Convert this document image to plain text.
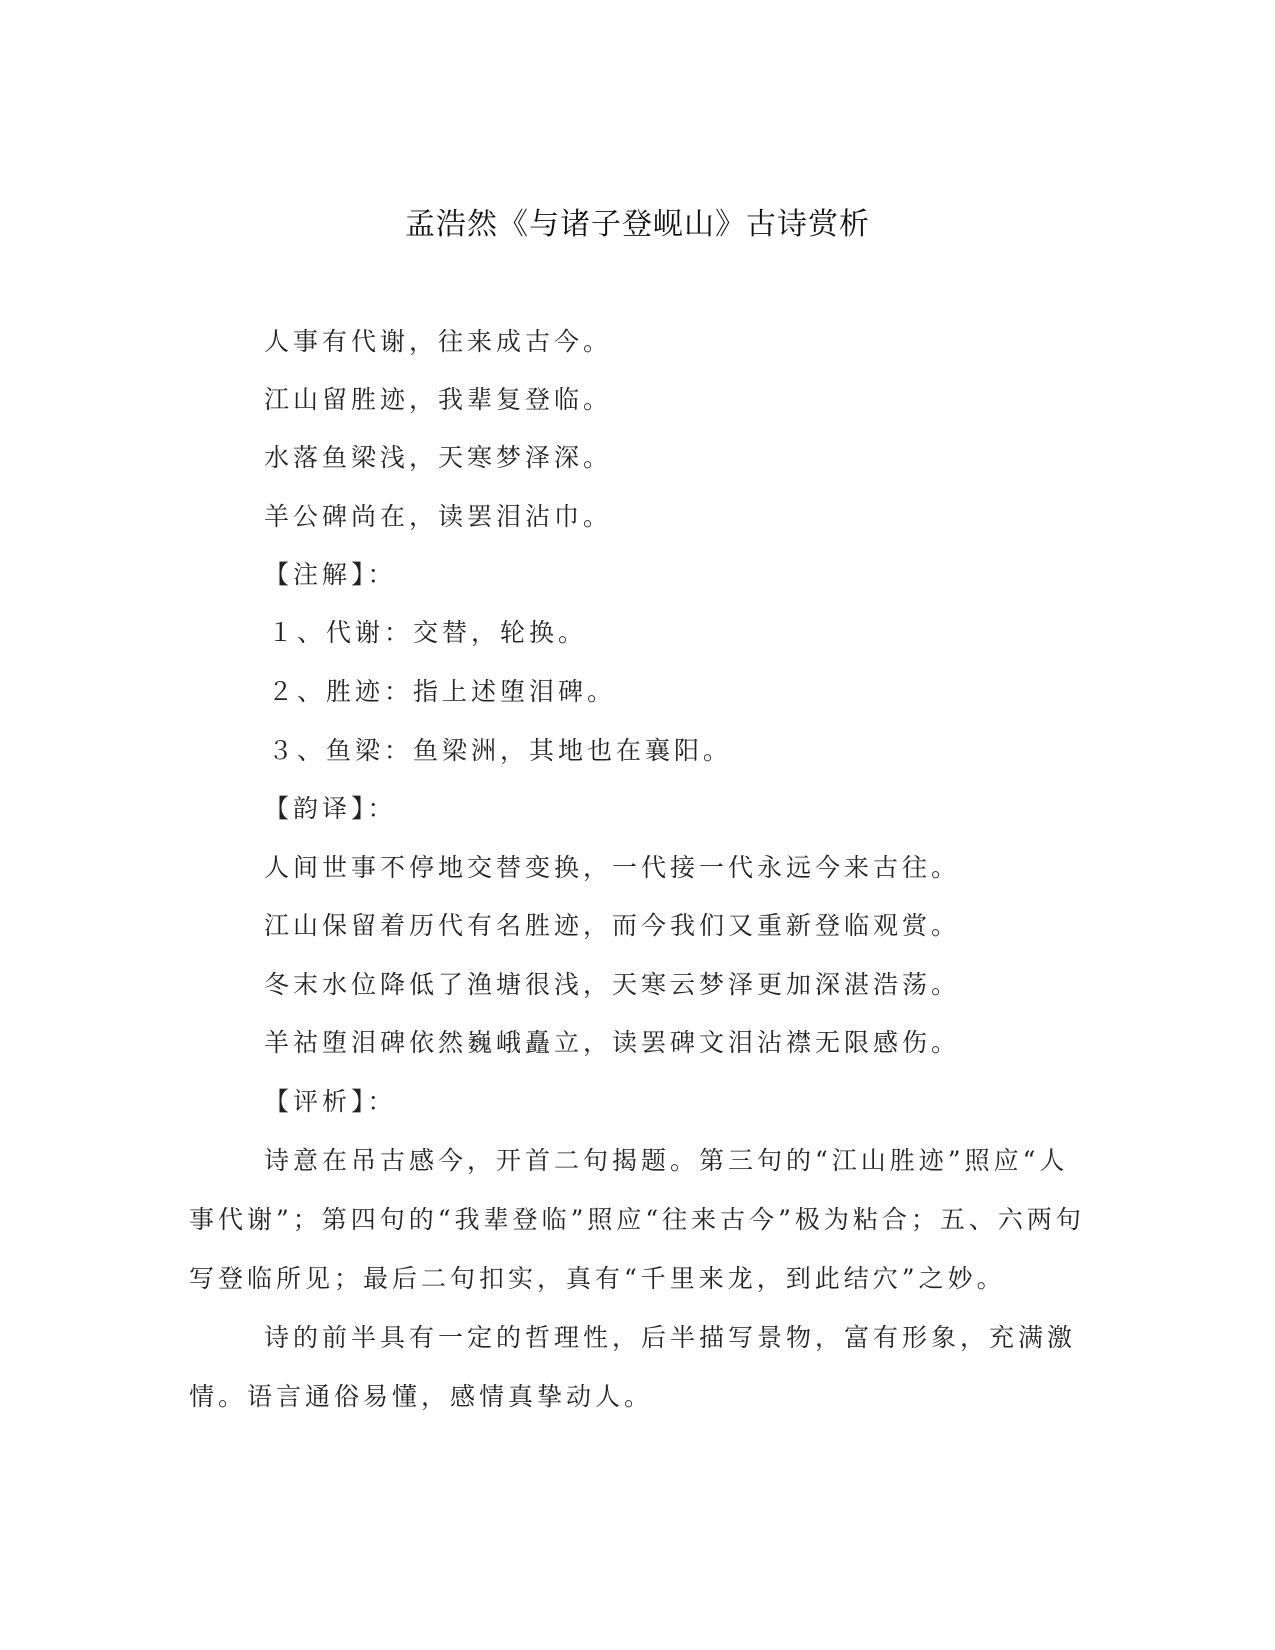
孟浩然《与诸子登岘山》古诗赏析
人事有代谢，往来成古今。
江山留胜迹，我辈复登临。
水落鱼梁浅，天寒梦泽深。
羊公碑尚在，读罢泪沾巾。
【注解】：
１、代谢：交替，轮换。
２、胜迹：指上述堕泪碑。
３、鱼梁：鱼梁洲，其地也在襄阳。
【韵译】：
人间世事不停地交替变换，一代接一代永远今来古往。
江山保留着历代有名胜迹，而今我们又重新登临观赏。
冬末水位降低了渔塘很浅，天寒云梦泽更加深湛浩荡。
羊祜堕泪碑依然巍峨矗立，读罢碑文泪沾襟无限感伤。
【评析】：
诗意在吊古感今，开首二句揭题。第三句的“江山胜迹”照应“人
事代谢”；第四句的“我辈登临”照应“往来古今”极为粘合；五、六两句
写登临所见；最后二句扣实，真有“千里来龙，到此结穴”之妙。
诗的前半具有一定的哲理性，后半描写景物，富有形象，充满激
情。语言通俗易懂，感情真挚动人。
